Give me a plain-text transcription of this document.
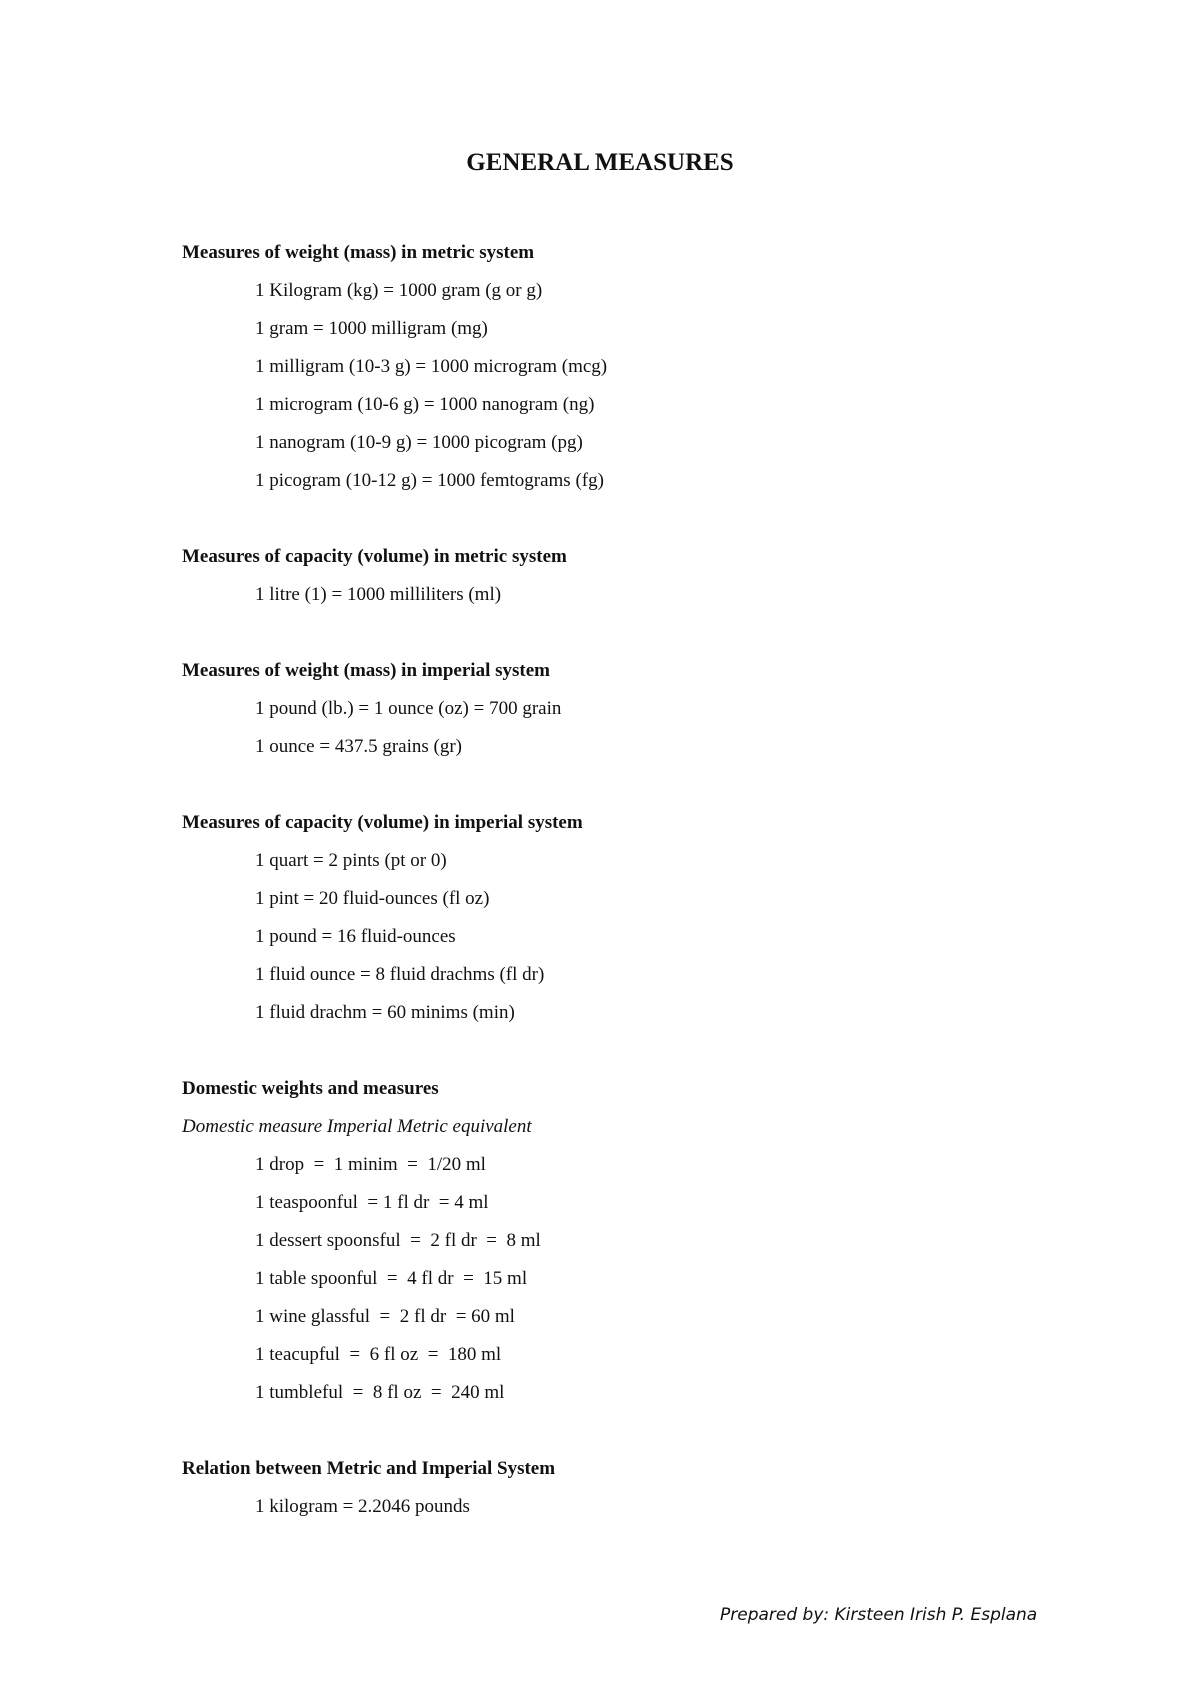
GENERAL MEASURES
Measures of weight (mass) in metric system
1 Kilogram (kg) = 1000 gram (g or g)
1 gram = 1000 milligram (mg)
1 milligram (10-3 g) = 1000 microgram (mcg)
1 microgram (10-6 g) = 1000 nanogram (ng)
1 nanogram (10-9 g) = 1000 picogram (pg)
1 picogram (10-12 g) = 1000 femtograms (fg)
Measures of capacity (volume) in metric system
1 litre (1) = 1000 milliliters (ml)
Measures of weight (mass) in imperial system
1 pound (lb.) = 1 ounce (oz) = 700 grain
1 ounce = 437.5 grains (gr)
Measures of capacity (volume) in imperial system
1 quart = 2 pints (pt or 0)
1 pint = 20 fluid-ounces (fl oz)
1 pound = 16 fluid-ounces
1 fluid ounce = 8 fluid drachms (fl dr)
1 fluid drachm = 60 minims (min)
Domestic weights and measures
Domestic measure Imperial Metric equivalent
1 drop  =  1 minim  =  1/20 ml
1 teaspoonful  = 1 fl dr  = 4 ml
1 dessert spoonsful  =  2 fl dr  =  8 ml
1 table spoonful  =  4 fl dr  =  15 ml
1 wine glassful  =  2 fl dr  = 60 ml
1 teacupful  =  6 fl oz  =  180 ml
1 tumbleful  =  8 fl oz  =  240 ml
Relation between Metric and Imperial System
1 kilogram = 2.2046 pounds
Prepared by: Kirsteen Irish P. Esplana
